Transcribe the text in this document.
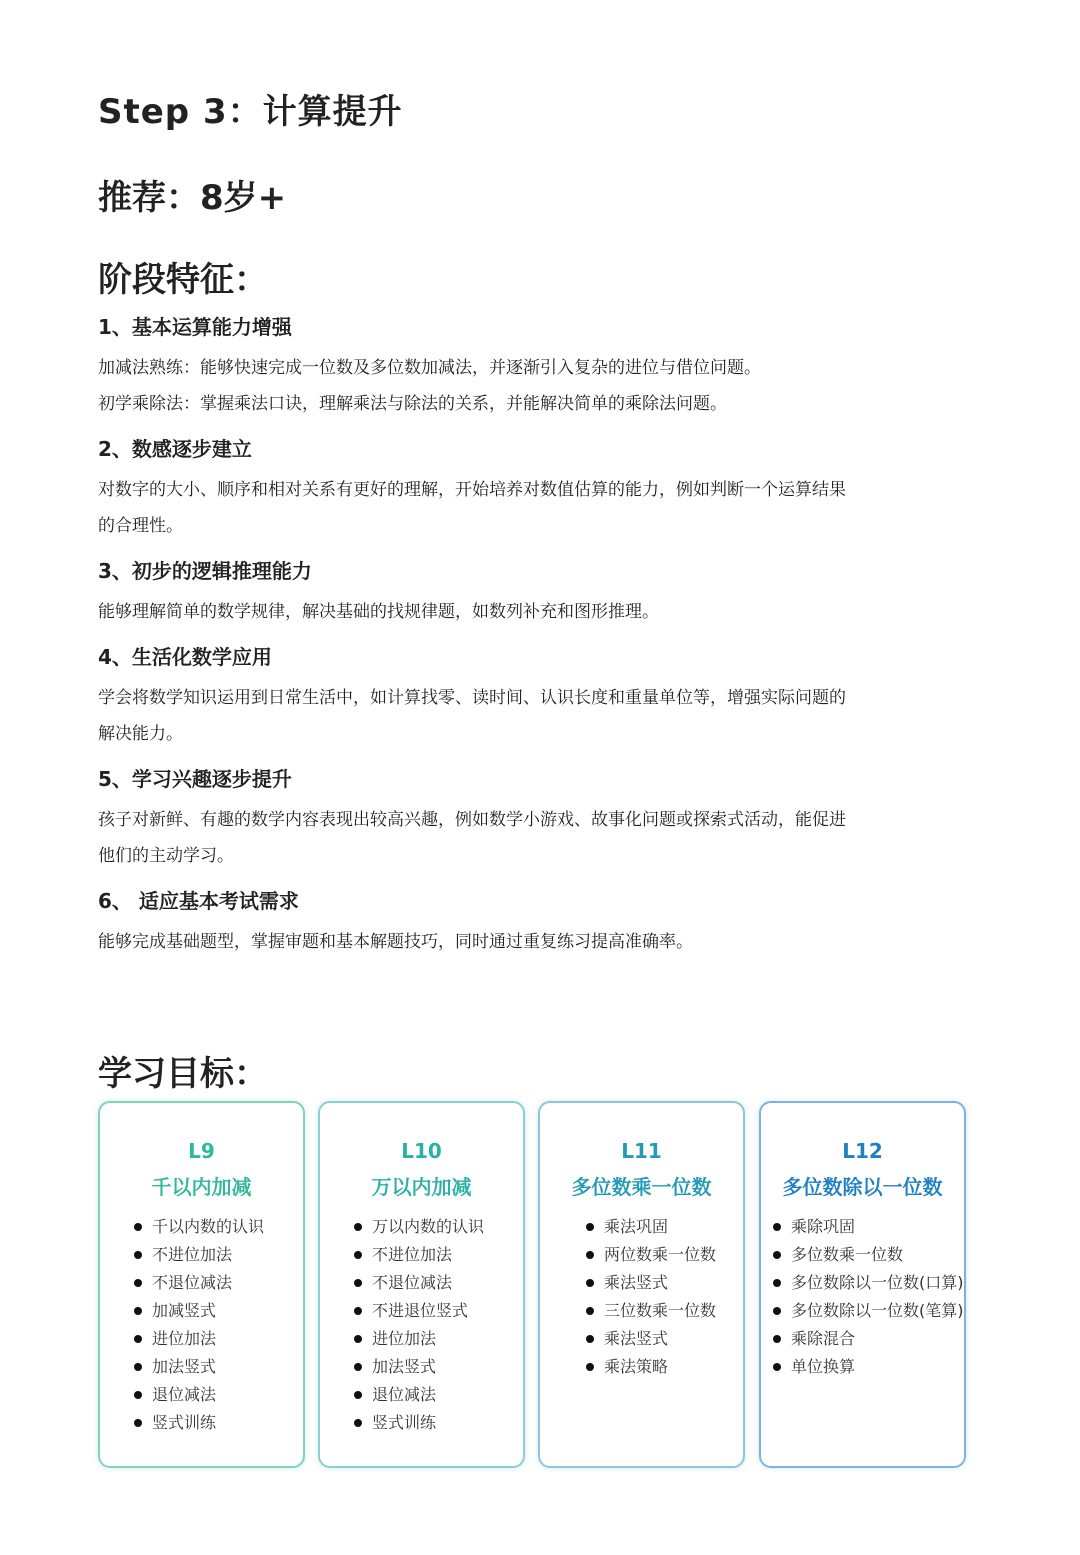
Step 3：计算提升
推荐：8岁+
阶段特征：
1、基本运算能力增强
加减法熟练：能够快速完成一位数及多位数加减法，并逐渐引入复杂的进位与借位问题。
初学乘除法：掌握乘法口诀，理解乘法与除法的关系，并能解决简单的乘除法问题。
2、数感逐步建立
对数字的大小、顺序和相对关系有更好的理解，开始培养对数值估算的能力，例如判断一个运算结果
的合理性。
3、初步的逻辑推理能力
能够理解简单的数学规律，解决基础的找规律题，如数列补充和图形推理。
4、生活化数学应用
学会将数学知识运用到日常生活中，如计算找零、读时间、认识长度和重量单位等，增强实际问题的
解决能力。
5、学习兴趣逐步提升
孩子对新鲜、有趣的数学内容表现出较高兴趣，例如数学小游戏、故事化问题或探索式活动，能促进
他们的主动学习。
6、 适应基本考试需求
能够完成基础题型，掌握审题和基本解题技巧，同时通过重复练习提高准确率。
学习目标：
L9
千以内加减
千以内数的认识
不进位加法
不退位减法
加减竖式
进位加法
加法竖式
退位减法
竖式训练
L10
万以内加减
万以内数的认识
不进位加法
不退位减法
不进退位竖式
进位加法
加法竖式
退位减法
竖式训练
L11
多位数乘一位数
乘法巩固
两位数乘一位数
乘法竖式
三位数乘一位数
乘法竖式
乘法策略
L12
多位数除以一位数
乘除巩固
多位数乘一位数
多位数除以一位数(口算)
多位数除以一位数(笔算)
乘除混合
单位换算
